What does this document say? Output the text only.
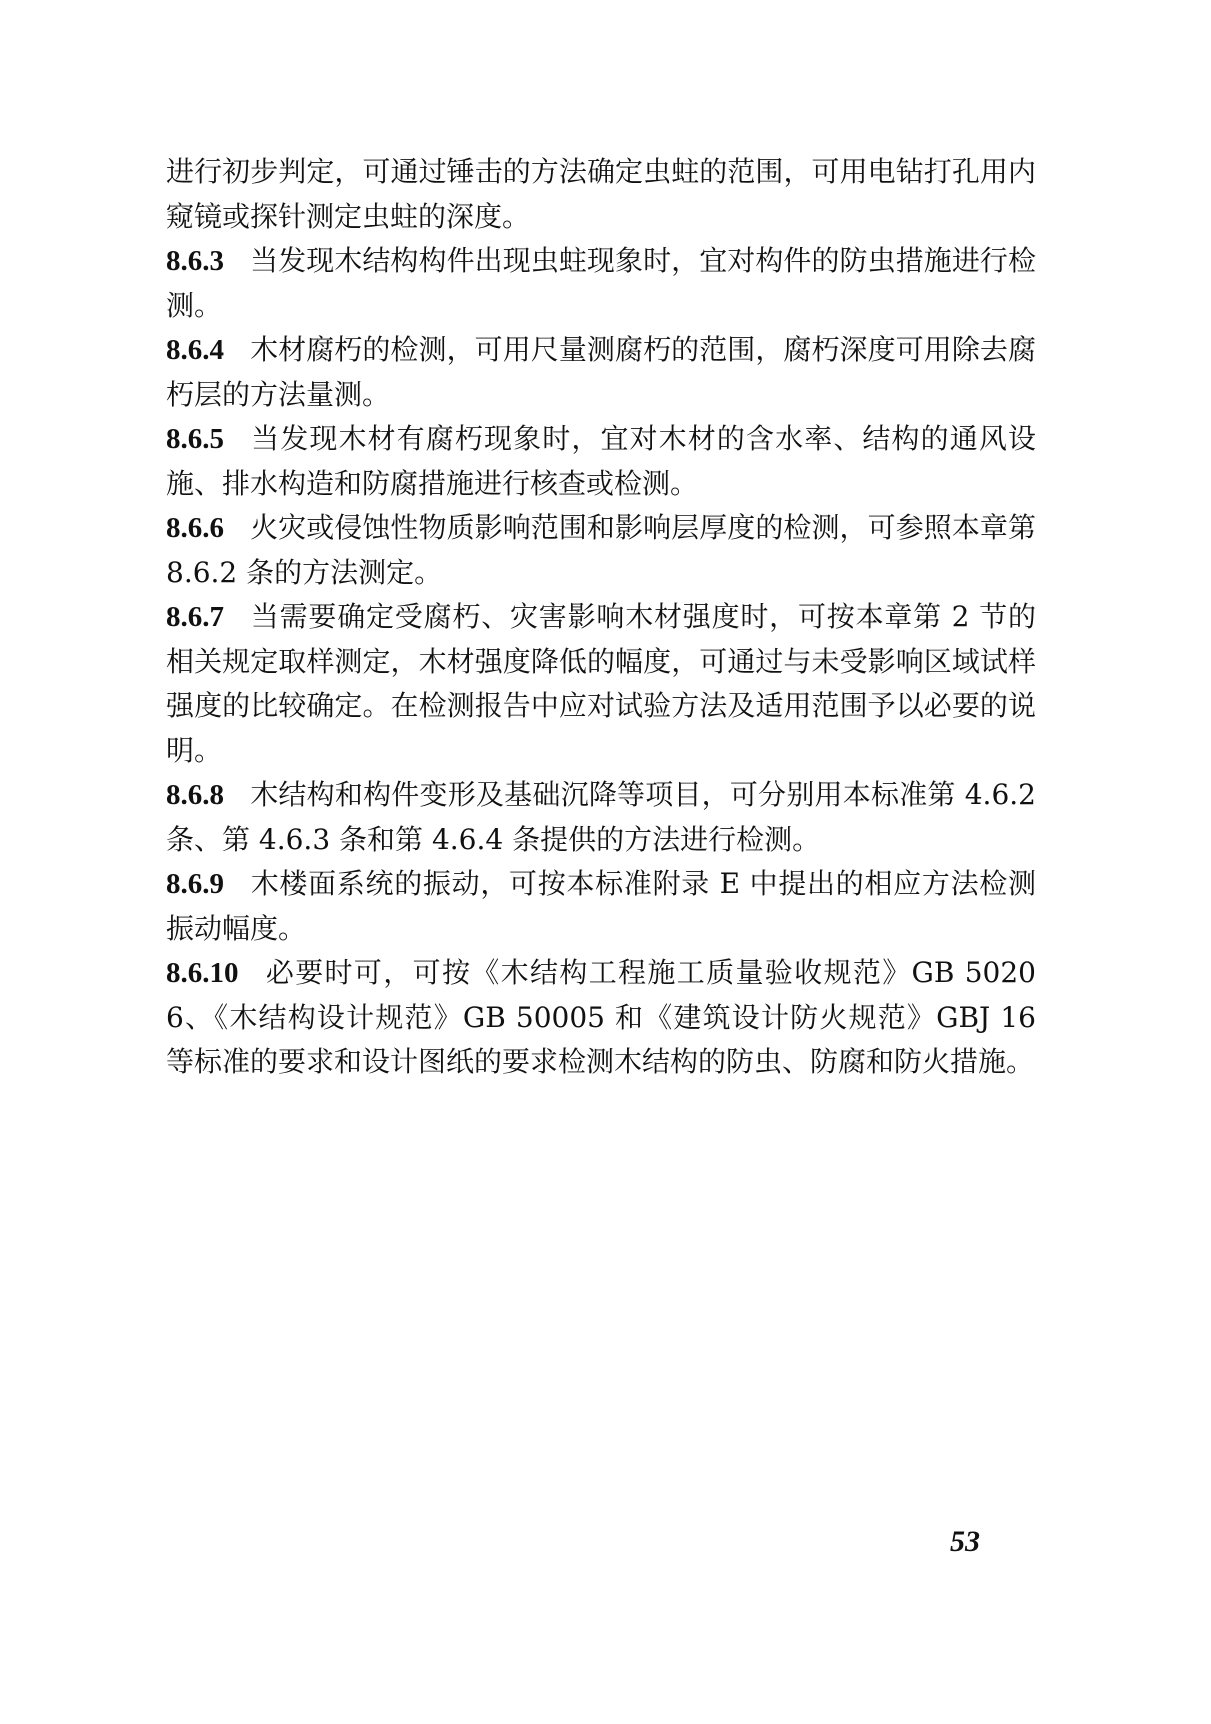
进行初步判定，可通过锤击的方法确定虫蛀的范围，可用电钻打孔用内窥镜或探针测定虫蛀的深度。

8.6.3 当发现木结构构件出现虫蛀现象时，宜对构件的防虫措施进行检测。

8.6.4 木材腐朽的检测，可用尺量测腐朽的范围，腐朽深度可用除去腐朽层的方法量测。

8.6.5 当发现木材有腐朽现象时，宜对木材的含水率、结构的通风设施、排水构造和防腐措施进行核查或检测。

8.6.6 火灾或侵蚀性物质影响范围和影响层厚度的检测，可参照本章第 8.6.2 条的方法测定。

8.6.7 当需要确定受腐朽、灾害影响木材强度时，可按本章第 2 节的相关规定取样测定，木材强度降低的幅度，可通过与未受影响区域试样强度的比较确定。在检测报告中应对试验方法及适用范围予以必要的说明。

8.6.8 木结构和构件变形及基础沉降等项目，可分别用本标准第 4.6.2 条、第 4.6.3 条和第 4.6.4 条提供的方法进行检测。

8.6.9 木楼面系统的振动，可按本标准附录 E 中提出的相应方法检测振动幅度。

8.6.10 必要时可，可按《木结构工程施工质量验收规范》GB 50206、《木结构设计规范》GB 50005 和《建筑设计防火规范》GBJ 16 等标准的要求和设计图纸的要求检测木结构的防虫、防腐和防火措施。

53
